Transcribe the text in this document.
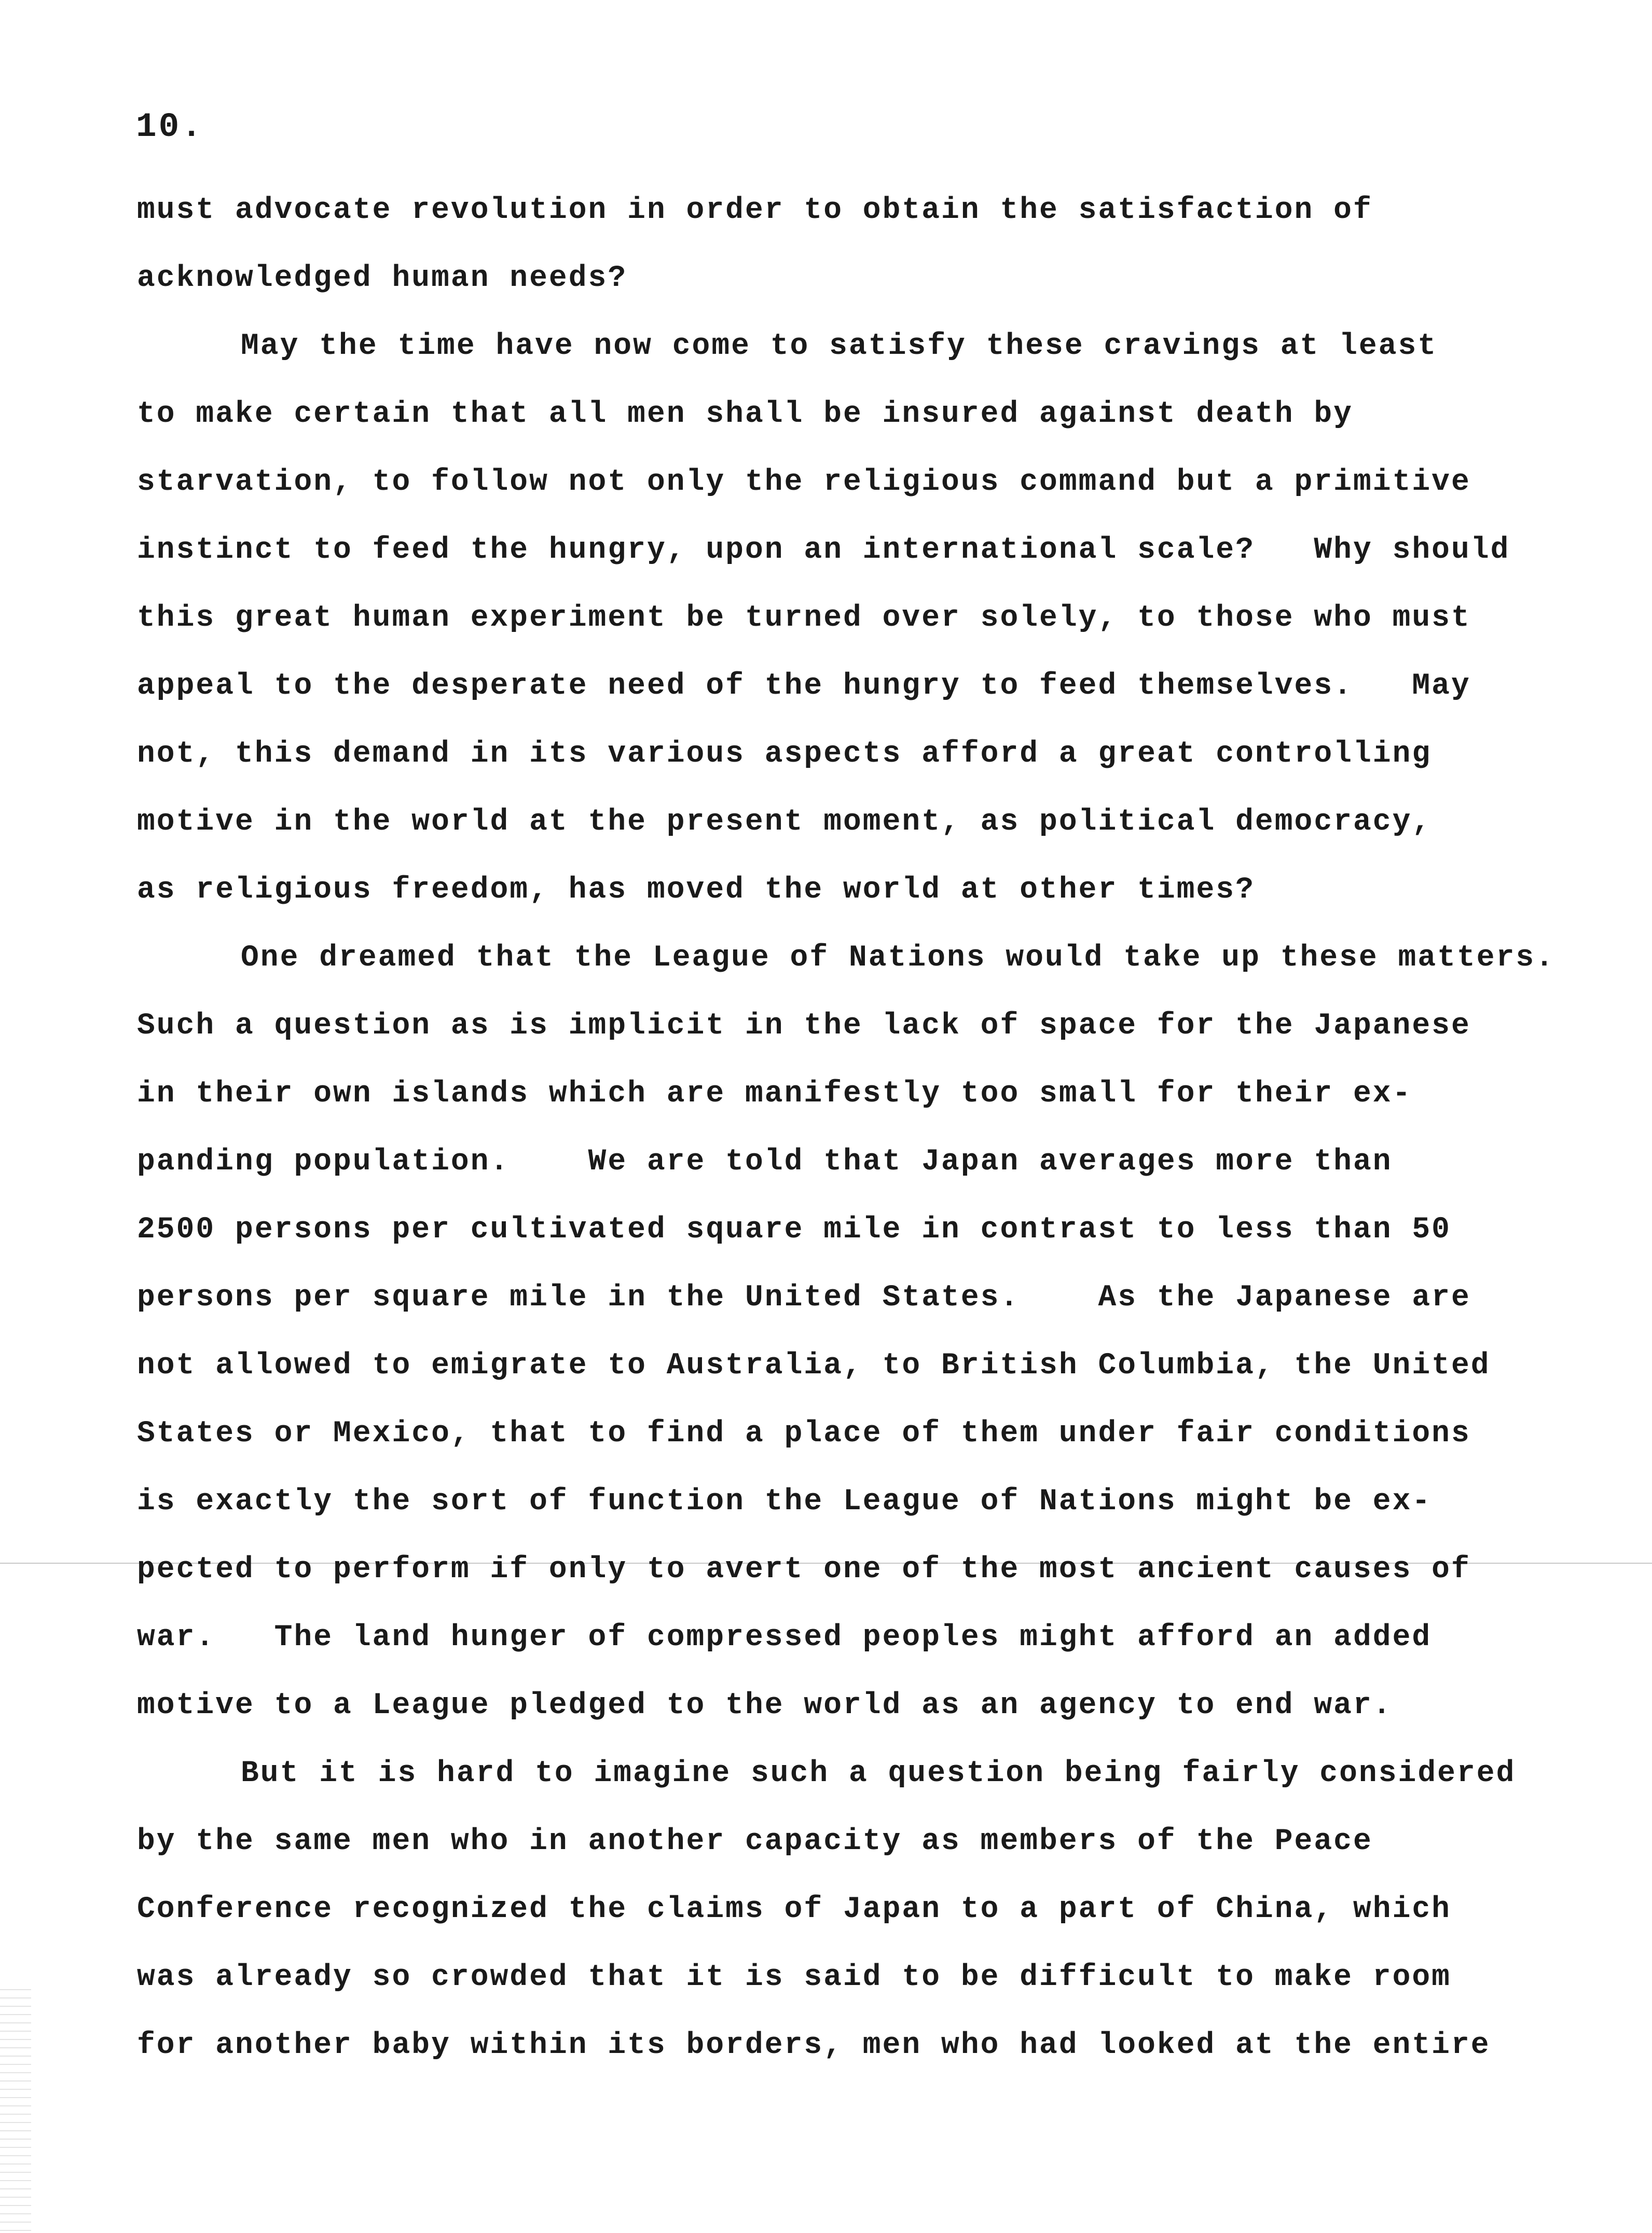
10.
must advocate revolution in order to obtain the satisfaction of
acknowledged human needs?
May the time have now come to satisfy these cravings at least
to make certain that all men shall be insured against death by
starvation, to follow not only the religious command but a primitive
instinct to feed the hungry, upon an international scale?   Why should
this great human experiment be turned over solely, to those who must
appeal to the desperate need of the hungry to feed themselves.   May
not, this demand in its various aspects afford a great controlling
motive in the world at the present moment, as political democracy,
as religious freedom, has moved the world at other times?
One dreamed that the League of Nations would take up these matters.
Such a question as is implicit in the lack of space for the Japanese
in their own islands which are manifestly too small for their ex-
panding population.    We are told that Japan averages more than
2500 persons per cultivated square mile in contrast to less than 50
persons per square mile in the United States.    As the Japanese are
not allowed to emigrate to Australia, to British Columbia, the United
States or Mexico, that to find a place of them under fair conditions
is exactly the sort of function the League of Nations might be ex-
pected to perform if only to avert one of the most ancient causes of
war.   The land hunger of compressed peoples might afford an added
motive to a League pledged to the world as an agency to end war.
But it is hard to imagine such a question being fairly considered
by the same men who in another capacity as members of the Peace
Conference recognized the claims of Japan to a part of China, which
was already so crowded that it is said to be difficult to make room
for another baby within its borders, men who had looked at the entire
